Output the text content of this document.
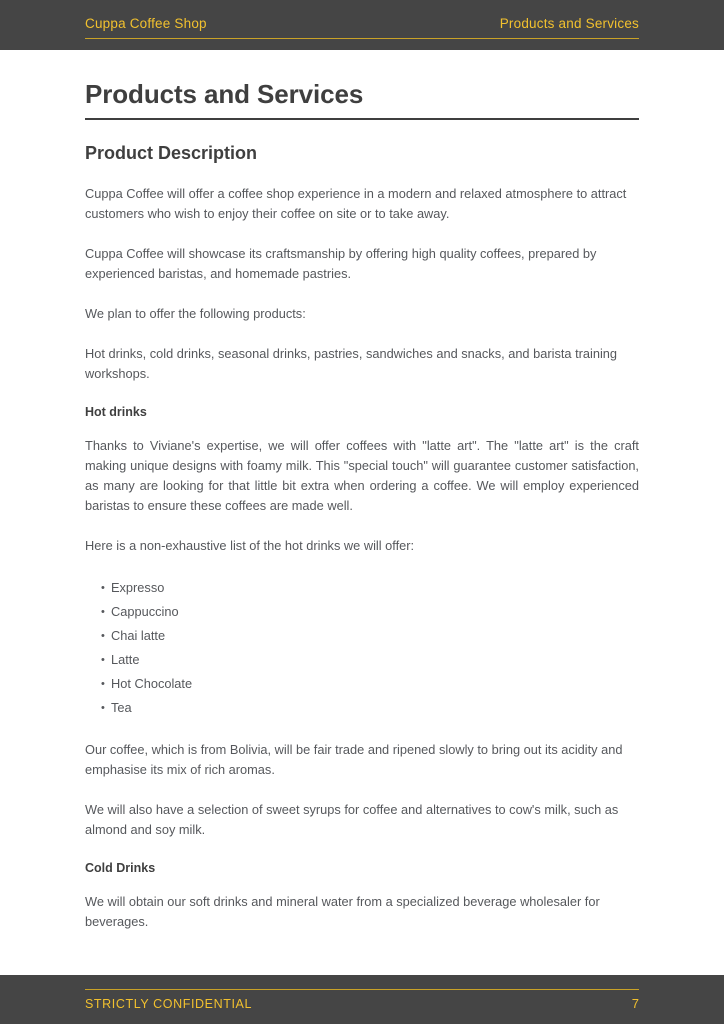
Cuppa Coffee Shop	Products and Services
Products and Services
Product Description

Cuppa Coffee will offer a coffee shop experience in a modern and relaxed atmosphere to attract customers who wish to enjoy their coffee on site or to take away.

Cuppa Coffee will showcase its craftsmanship by offering high quality coffees, prepared by experienced baristas, and homemade pastries.

We plan to offer the following products:

Hot drinks, cold drinks, seasonal drinks, pastries, sandwiches and snacks, and barista training workshops.

Hot drinks

Thanks to Viviane's expertise, we will offer coffees with "latte art". The "latte art" is the craft making unique designs with foamy milk. This "special touch" will guarantee customer satisfaction, as many are looking for that little bit extra when ordering a coffee. We will employ experienced baristas to ensure these coffees are made well.

Here is a non-exhaustive list of the hot drinks we will offer:

• Expresso
• Cappuccino
• Chai latte
• Latte
• Hot Chocolate
• Tea

Our coffee, which is from Bolivia, will be fair trade and ripened slowly to bring out its acidity and emphasise its mix of rich aromas.

We will also have a selection of sweet syrups for coffee and alternatives to cow's milk, such as almond and soy milk.

Cold Drinks

We will obtain our soft drinks and mineral water from a specialized beverage wholesaler for beverages.

STRICTLY CONFIDENTIAL	7
